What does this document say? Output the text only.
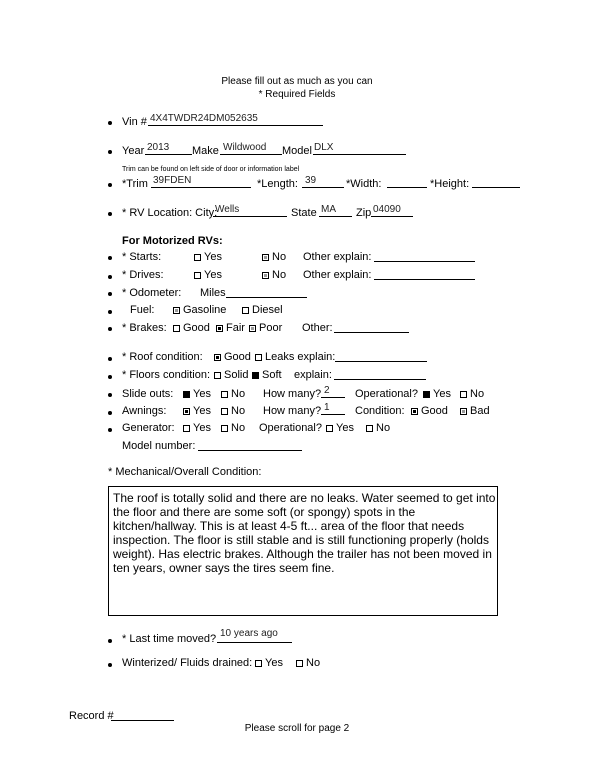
Please fill out as much as you can
* Required Fields
Vin # 4X4TWDR24DM052635
Year 2013 Make Wildwood Model DLX
Trim can be found on left side of door or information label
*Trim 39FDEN	*Length: 39	*Width:	*Height:
* RV Location: City:
Wells	State MA Zip 04090
For Motorized RVs:
* Starts:	Yes	No Other explain:
* Drives:	Yes	No Other explain:
* Odometer: Miles
Fuel:	Gasoline	Diesel
* Brakes:	Good	Fair	Poor Other:
* Roof condition:	Good	Leaks explain:
* Floors condition:	Solid	Soft explain:
Slide outs:	Yes	No How many? 2 Operational?	Yes	No
Awnings:	Yes	No How many? 1 Condition:	Good	Bad
Generator:	Yes	No Operational?	Yes	No
Model number:
* Mechanical/Overall Condition:
The roof is totally solid and there are no leaks. Water seemed to get into the floor and there are some soft (or spongy) spots in the kitchen/hallway. This is at least 4-5 ft... area of the floor that needs inspection. The floor is still stable and is still functioning properly (holds weight). Has electric brakes. Although the trailer has not been moved in ten years, owner says the tires seem fine.
* Last time moved? 10 years ago
Winterized/ Fluids drained:	Yes	No
Record #
Please scroll for page 2
